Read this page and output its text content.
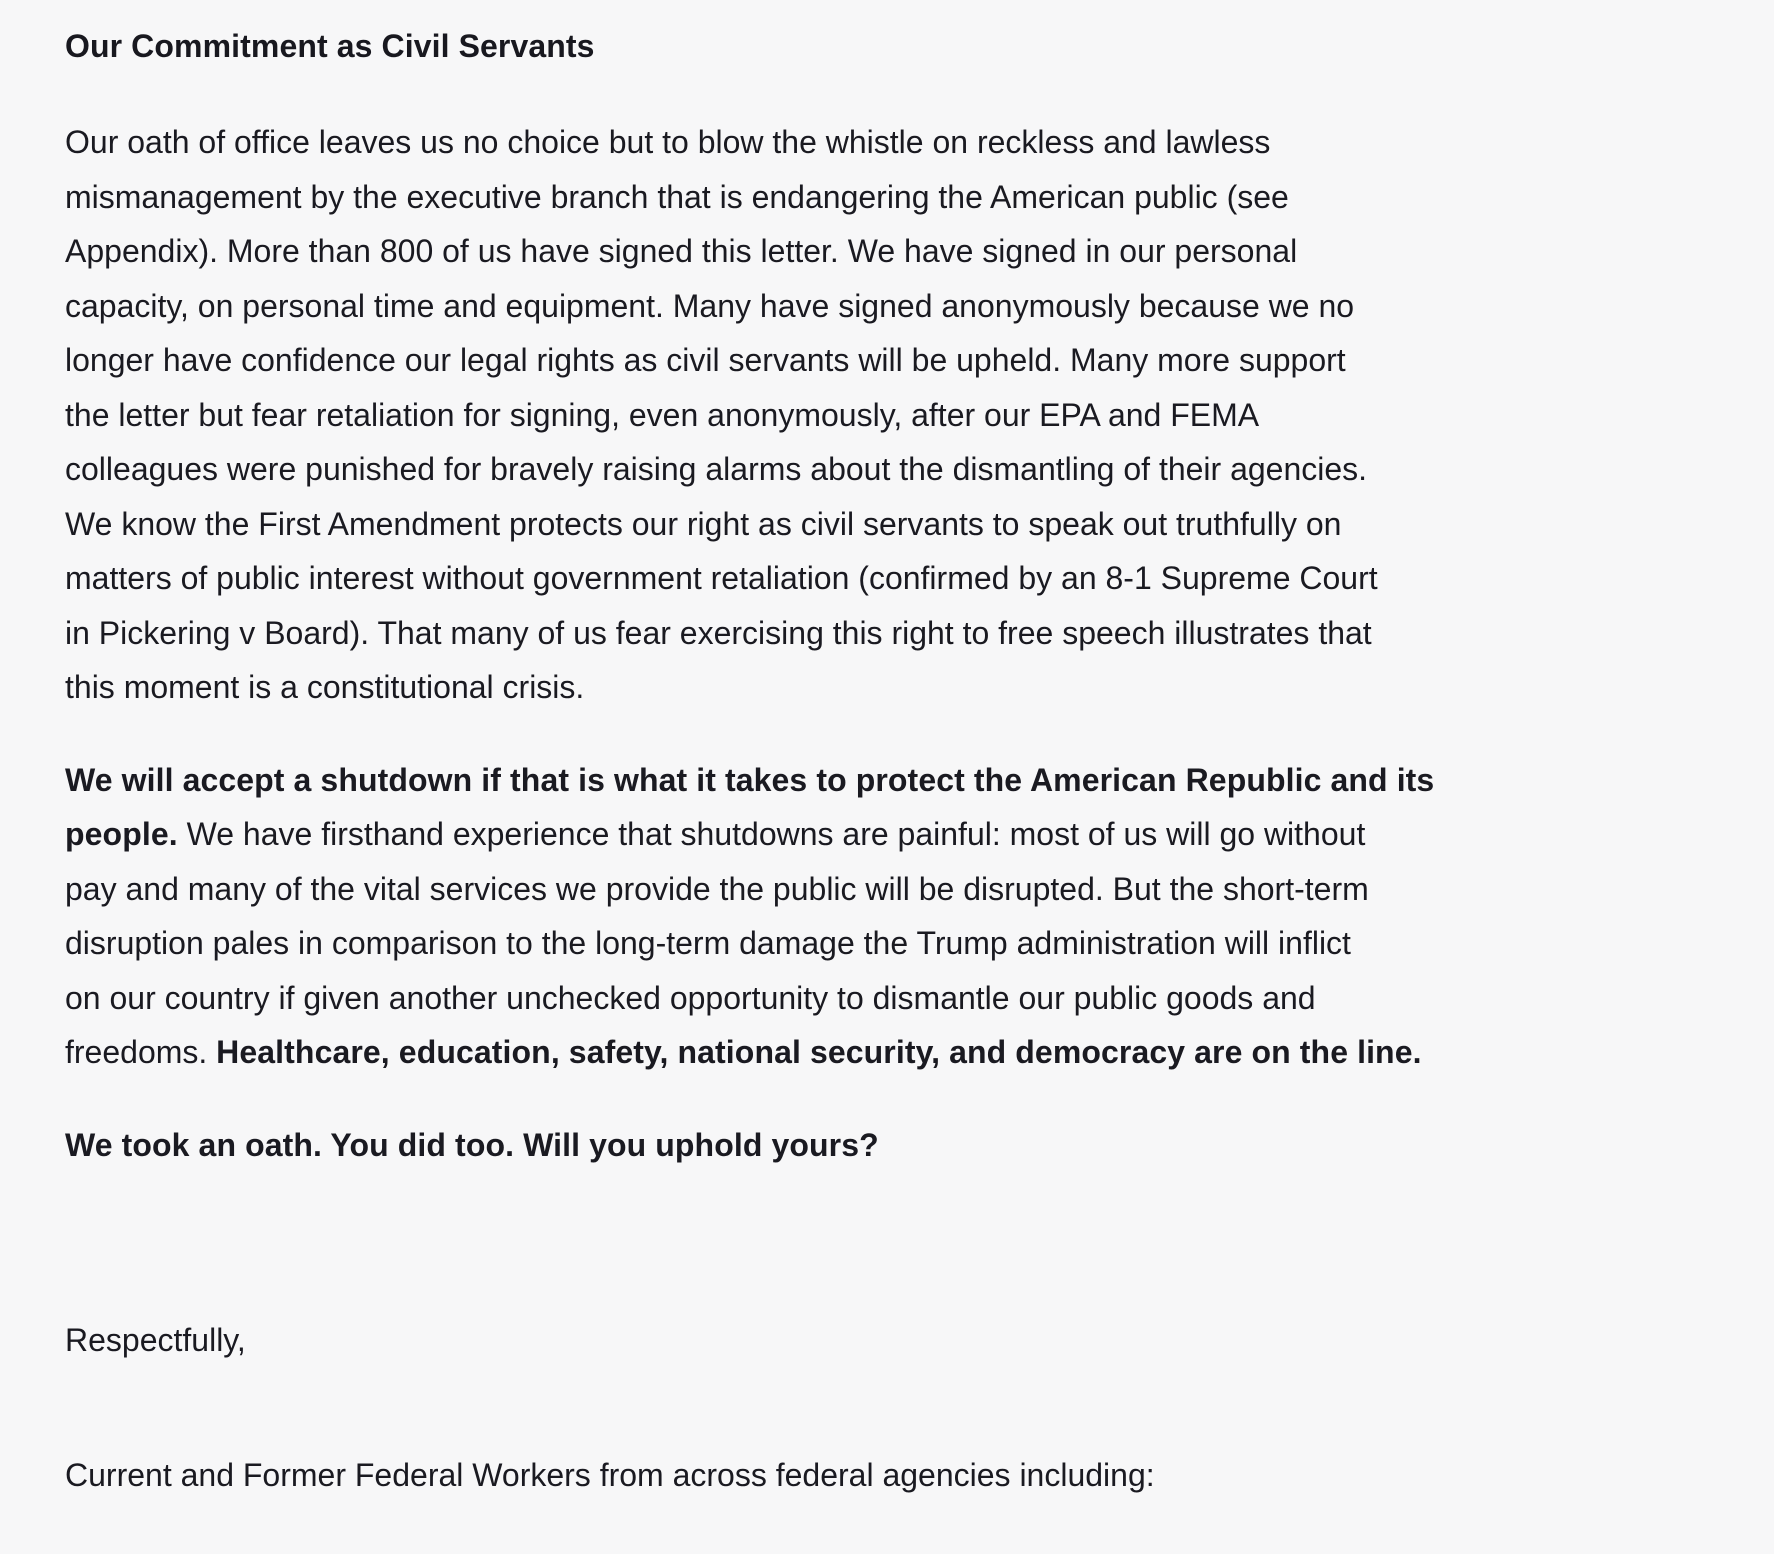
Our Commitment as Civil Servants
Our oath of office leaves us no choice but to blow the whistle on reckless and lawless
mismanagement by the executive branch that is endangering the American public (see
Appendix). More than 800 of us have signed this letter. We have signed in our personal
capacity, on personal time and equipment. Many have signed anonymously because we no
longer have confidence our legal rights as civil servants will be upheld. Many more support
the letter but fear retaliation for signing, even anonymously, after our EPA and FEMA
colleagues were punished for bravely raising alarms about the dismantling of their agencies.
We know the First Amendment protects our right as civil servants to speak out truthfully on
matters of public interest without government retaliation (confirmed by an 8-1 Supreme Court
in Pickering v Board). That many of us fear exercising this right to free speech illustrates that
this moment is a constitutional crisis.
We will accept a shutdown if that is what it takes to protect the American Republic and its
people. We have firsthand experience that shutdowns are painful: most of us will go without
pay and many of the vital services we provide the public will be disrupted. But the short-term
disruption pales in comparison to the long-term damage the Trump administration will inflict
on our country if given another unchecked opportunity to dismantle our public goods and
freedoms. Healthcare, education, safety, national security, and democracy are on the line.
We took an oath. You did too. Will you uphold yours?
Respectfully,
Current and Former Federal Workers from across federal agencies including:
